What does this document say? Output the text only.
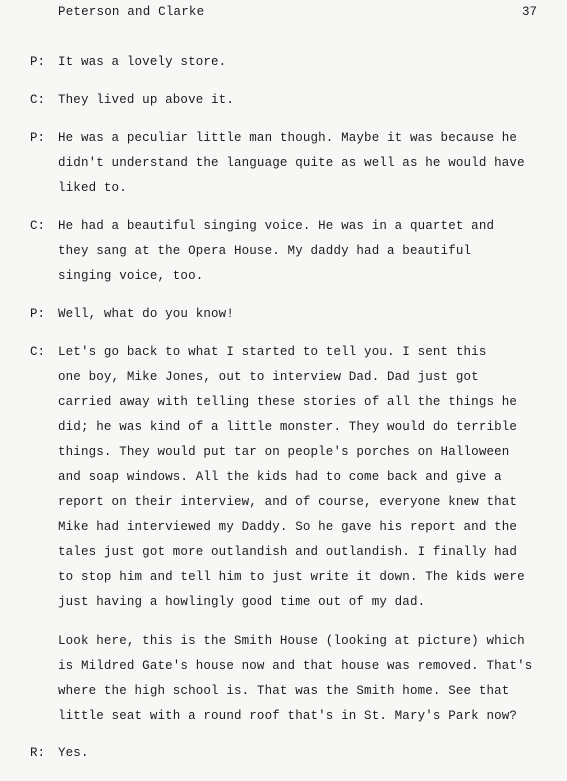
Peterson and Clarke	37
P: It was a lovely store.
C: They lived up above it.
P: He was a peculiar little man though. Maybe it was because he
didn't understand the language quite as well as he would have
liked to.
C: He had a beautiful singing voice. He was in a quartet and
they sang at the Opera House. My daddy had a beautiful
singing voice, too.
P: Well, what do you know!
C: Let's go back to what I started to tell you. I sent this
one boy, Mike Jones, out to interview Dad. Dad just got
carried away with telling these stories of all the things he
did; he was kind of a little monster. They would do terrible
things. They would put tar on people's porches on Halloween
and soap windows. All the kids had to come back and give a
report on their interview, and of course, everyone knew that
Mike had interviewed my Daddy. So he gave his report and the
tales just got more outlandish and outlandish. I finally had
to stop him and tell him to just write it down. The kids were
just having a howlingly good time out of my dad.
Look here, this is the Smith House (looking at picture) which
is Mildred Gate's house now and that house was removed. That's
where the high school is. That was the Smith home. See that
little seat with a round roof that's in St. Mary's Park now?
R: Yes.
